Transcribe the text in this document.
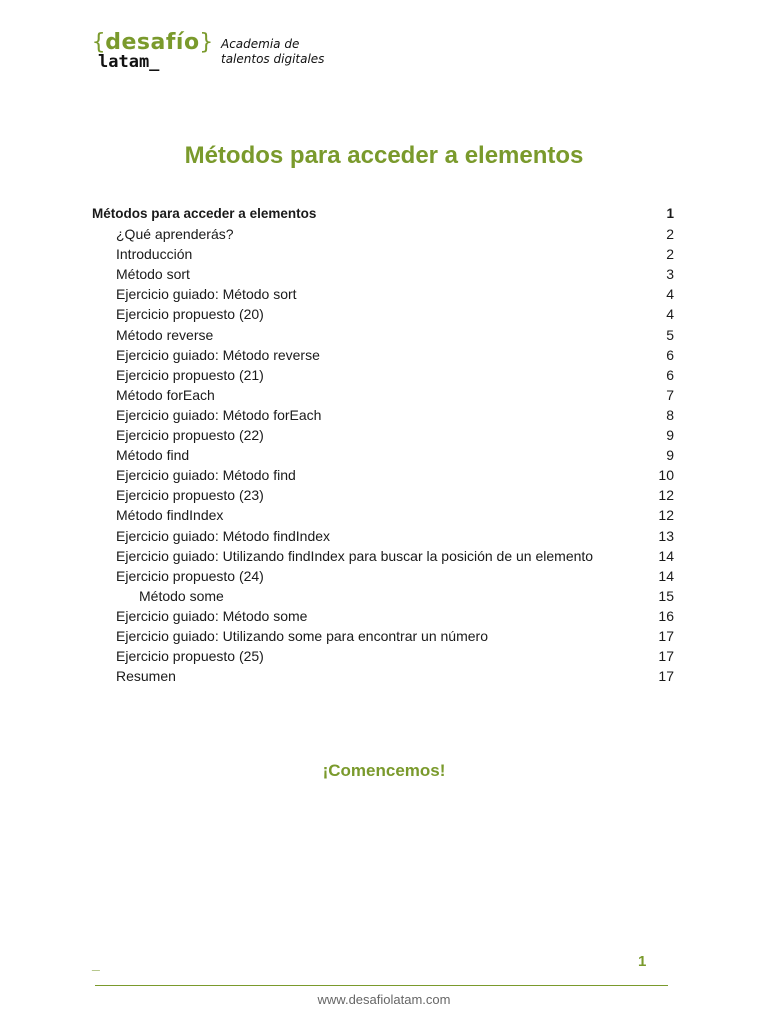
{desafío}
latam_
Academia de
talentos digitales
Métodos para acceder a elementos
Métodos para acceder a elementos	1
¿Qué aprenderás?	2
Introducción	2
Método sort	3
Ejercicio guiado: Método sort	4
Ejercicio propuesto (20)	4
Método reverse	5
Ejercicio guiado: Método reverse	6
Ejercicio propuesto (21)	6
Método forEach	7
Ejercicio guiado: Método forEach	8
Ejercicio propuesto (22)	9
Método find	9
Ejercicio guiado: Método find	10
Ejercicio propuesto (23)	12
Método findIndex	12
Ejercicio guiado: Método findIndex	13
Ejercicio guiado: Utilizando findIndex para buscar la posición de un elemento	14
Ejercicio propuesto (24)	14
Método some	15
Ejercicio guiado: Método some	16
Ejercicio guiado: Utilizando some para encontrar un número	17
Ejercicio propuesto (25)	17
Resumen	17
¡Comencemos!
_	1
www.desafiolatam.com
